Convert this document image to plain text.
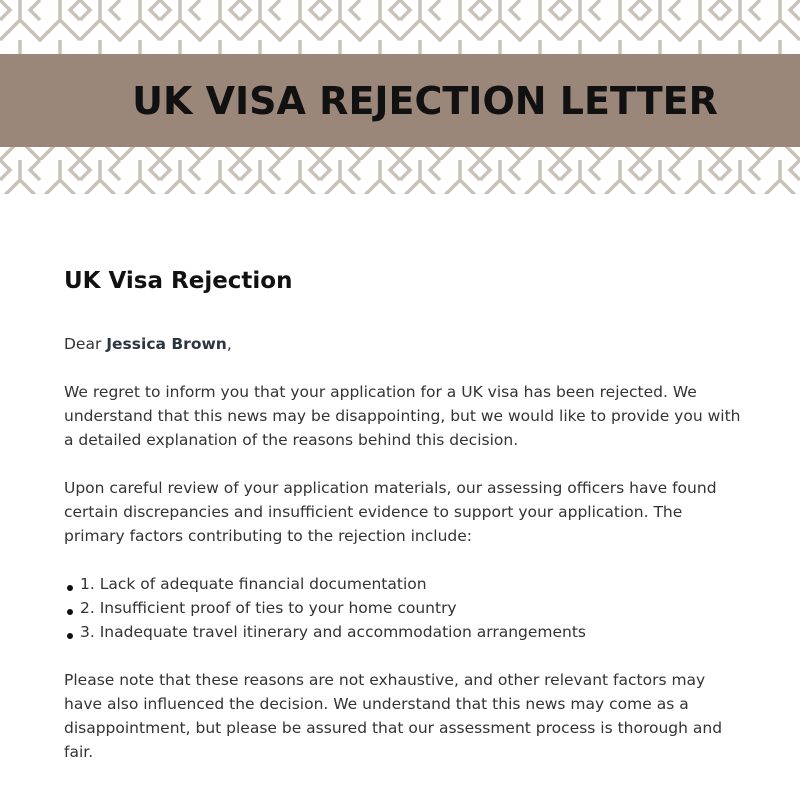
UK VISA REJECTION LETTER
UK Visa Rejection

Dear Jessica Brown,

We regret to inform you that your application for a UK visa has been rejected. We understand that this news may be disappointing, but we would like to provide you with a detailed explanation of the reasons behind this decision.

Upon careful review of your application materials, our assessing officers have found certain discrepancies and insufficient evidence to support your application. The primary factors contributing to the rejection include:

1. Lack of adequate financial documentation
2. Insufficient proof of ties to your home country
3. Inadequate travel itinerary and accommodation arrangements

Please note that these reasons are not exhaustive, and other relevant factors may have also influenced the decision. We understand that this news may come as a disappointment, but please be assured that our assessment process is thorough and fair.
